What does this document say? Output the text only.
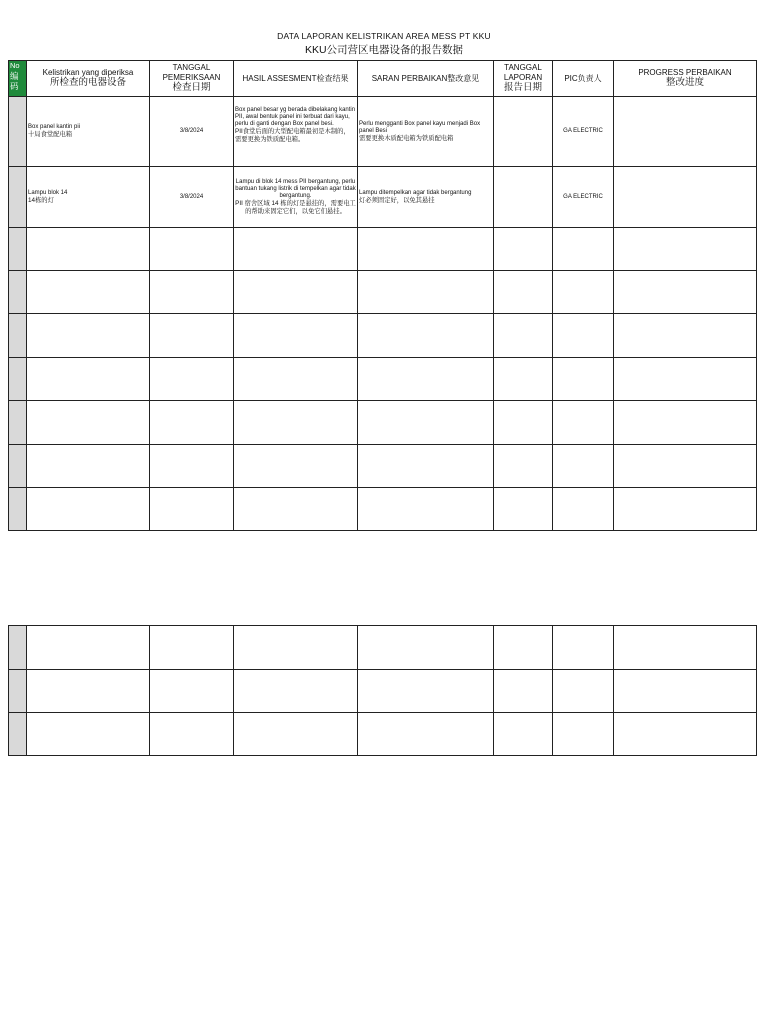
DATA LAPORAN KELISTRIKAN AREA MESS PT KKU
KKU公司营区电器设备的报告数据
No
编
码	Kelistrikan yang diperiksa
所检查的电器设备	TANGGAL
PEMERIKSAAN
检查日期	HASIL ASSESMENT检查结果	SARAN PERBAIKAN整改意见	TANGGAL
LAPORAN
报告日期	PIC负责人	PROGRESS PERBAIKAN
整改进度

	Box panel kantin pii
十局食堂配电箱	3/8/2024	Box panel besar yg berada dibelakang kantin PII, awal bentuk panel ini terbuat dari kayu, perlu di ganti dengan Box panel besi.
PII食堂后面的大型配电箱最初是木制的，需要更换为铁质配电箱。	Perlu mengganti Box panel kayu menjadi Box panel Besi
需要更换木质配电箱为铁质配电箱		GA ELECTRIC	
	Lampu blok 14
14栋的灯	3/8/2024	Lampu di blok 14 mess PII bergantung, perlu bantuan tukang listrik di tempelkan agar tidak bergantung.
PII 宿舍区域 14 栋的灯是悬挂的，需要电工的帮助来固定它们，以免它们悬挂。	Lampu ditempelkan agar tidak bergantung
灯必须固定好，以免其悬挂		GA ELECTRIC	
